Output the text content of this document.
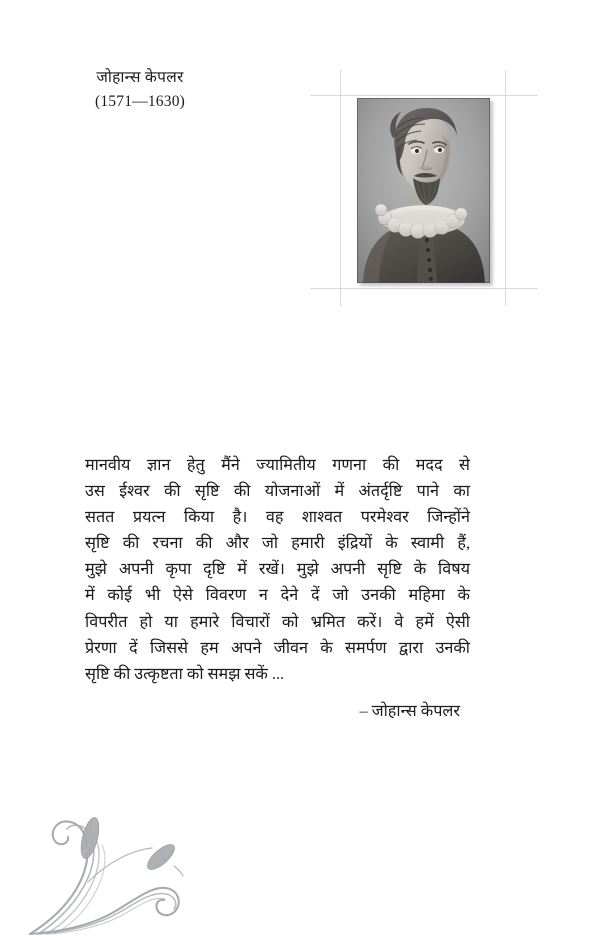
जोहान्स केपलर
(1571—1630)

मानवीय ज्ञान हेतु मैंने ज्यामितीय गणना की मदद से
उस ईश्वर की सृष्टि की योजनाओं में अंतर्दृष्टि पाने का
सतत प्रयत्न किया है। वह शाश्वत परमेश्वर जिन्होंने
सृष्टि की रचना की और जो हमारी इंद्रियों के स्वामी हैं,
मुझे अपनी कृपा दृष्टि में रखें। मुझे अपनी सृष्टि के विषय
में कोई भी ऐसे विवरण न देने दें जो उनकी महिमा के
विपरीत हो या हमारे विचारों को भ्रमित करें। वे हमें ऐसी
प्रेरणा दें जिससे हम अपने जीवन के समर्पण द्वारा उनकी
सृष्टि की उत्कृष्टता को समझ सकें ...

– जोहान्स केपलर
